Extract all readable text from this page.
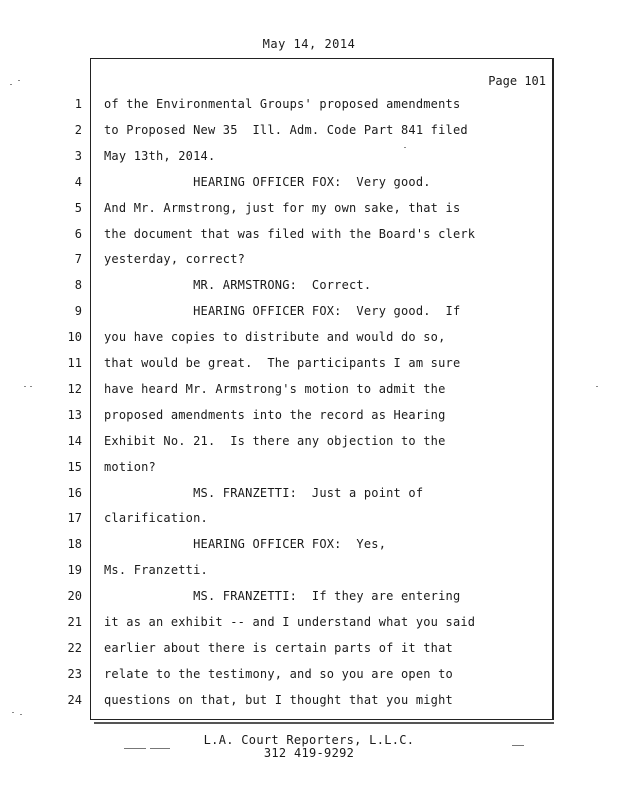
May 14, 2014
Page 101
1 of the Environmental Groups' proposed amendments
2 to Proposed New 35  Ill. Adm. Code Part 841 filed
3 May 13th, 2014.
4 HEARING OFFICER FOX:  Very good.
5 And Mr. Armstrong, just for my own sake, that is
6 the document that was filed with the Board's clerk
7 yesterday, correct?
8 MR. ARMSTRONG:  Correct.
9 HEARING OFFICER FOX:  Very good.  If
10 you have copies to distribute and would do so,
11 that would be great.  The participants I am sure
12 have heard Mr. Armstrong's motion to admit the
13 proposed amendments into the record as Hearing
14 Exhibit No. 21.  Is there any objection to the
15 motion?
16 MS. FRANZETTI:  Just a point of
17 clarification.
18 HEARING OFFICER FOX:  Yes,
19 Ms. Franzetti.
20 MS. FRANZETTI:  If they are entering
21 it as an exhibit -- and I understand what you said
22 earlier about there is certain parts of it that
23 relate to the testimony, and so you are open to
24 questions on that, but I thought that you might
L.A. Court Reporters, L.L.C.
312 419-9292
